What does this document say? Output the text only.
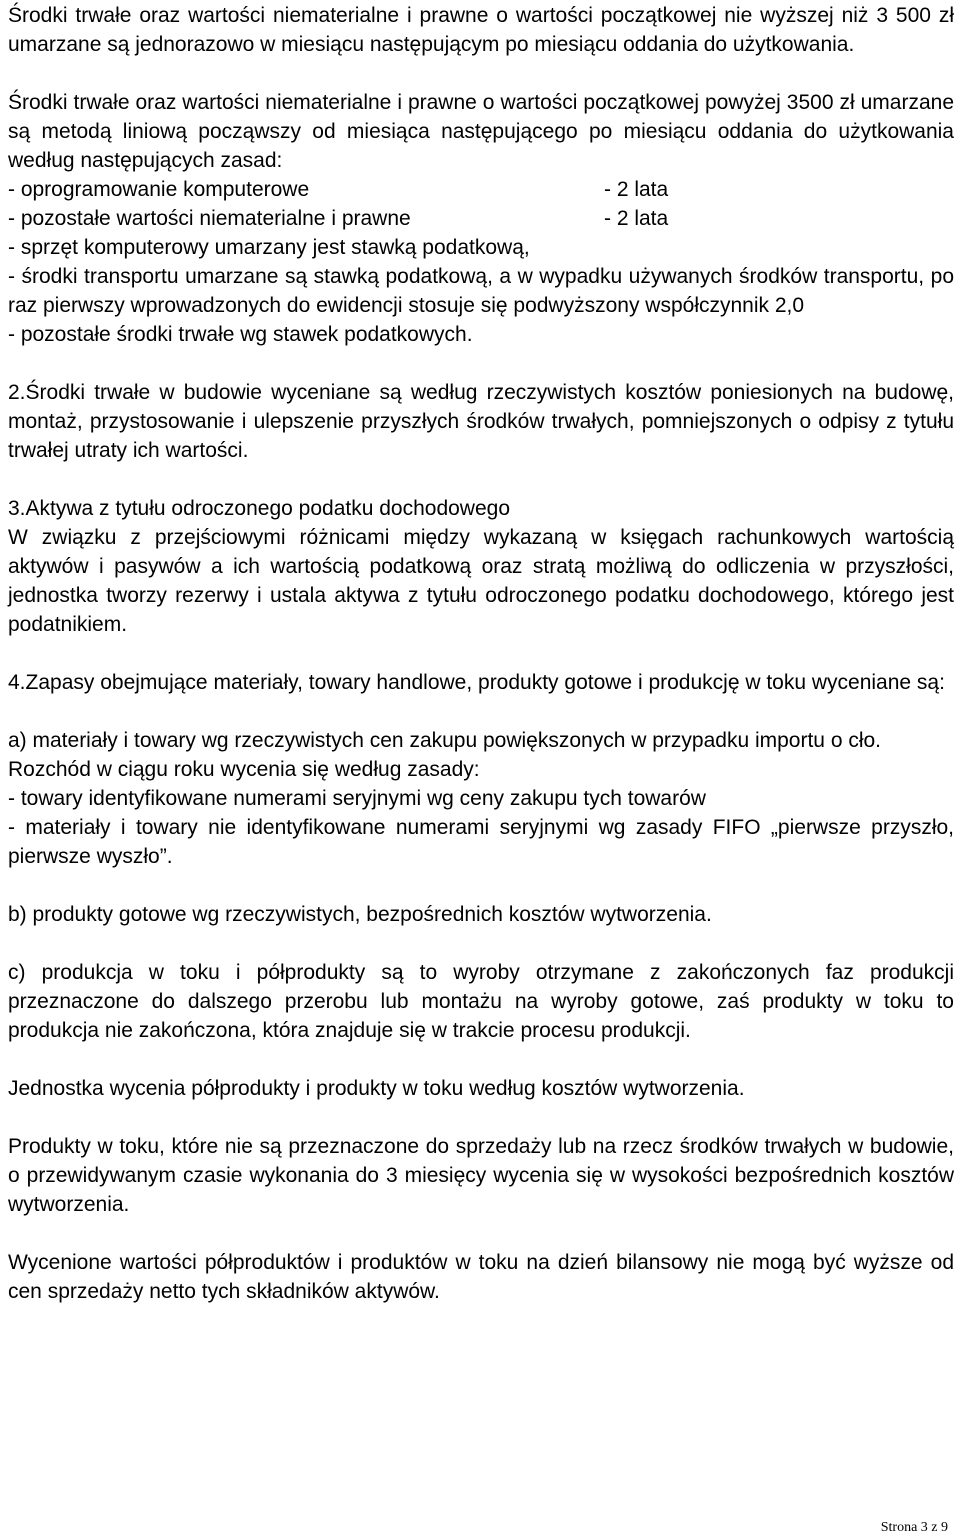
Środki trwałe oraz wartości niematerialne i prawne o wartości początkowej nie wyższej niż 3 500 zł umarzane są jednorazowo w miesiącu następującym po miesiącu oddania do użytkowania.

Środki trwałe oraz wartości niematerialne i prawne o wartości początkowej powyżej 3500 zł umarzane są metodą liniową począwszy od miesiąca następującego po miesiącu oddania do użytkowania według następujących zasad:

- oprogramowanie komputerowe	- 2 lata
- pozostałe wartości niematerialne i prawne	- 2 lata

- sprzęt komputerowy umarzany jest stawką podatkową,

- środki transportu umarzane są stawką podatkową, a w wypadku używanych środków transportu, po raz pierwszy wprowadzonych do ewidencji stosuje się podwyższony współczynnik 2,0

- pozostałe środki trwałe wg stawek podatkowych.

2.Środki trwałe w budowie wyceniane są według rzeczywistych kosztów poniesionych na budowę, montaż, przystosowanie i ulepszenie przyszłych środków trwałych, pomniejszonych o odpisy z tytułu trwałej utraty ich wartości.

3.Aktywa z tytułu odroczonego podatku dochodowego

W związku z przejściowymi różnicami między wykazaną w księgach rachunkowych wartością aktywów i pasywów a ich wartością podatkową oraz stratą możliwą do odliczenia w przyszłości, jednostka tworzy rezerwy i ustala aktywa z tytułu odroczonego podatku dochodowego, którego jest podatnikiem.

4.Zapasy obejmujące materiały, towary handlowe, produkty gotowe i produkcję w toku wyceniane są:

a) materiały i towary wg rzeczywistych cen zakupu powiększonych w przypadku importu o cło.

Rozchód w ciągu roku wycenia się według zasady:

- towary identyfikowane numerami seryjnymi wg ceny zakupu tych towarów

- materiały i towary nie identyfikowane numerami seryjnymi wg zasady FIFO „pierwsze przyszło, pierwsze wyszło”.

b) produkty gotowe wg rzeczywistych, bezpośrednich kosztów wytworzenia.

c) produkcja w toku i półprodukty są to wyroby otrzymane z zakończonych faz produkcji przeznaczone do dalszego przerobu lub montażu na wyroby gotowe, zaś produkty w toku to produkcja nie zakończona, która znajduje się w trakcie procesu produkcji.

Jednostka wycenia półprodukty i produkty w toku według kosztów wytworzenia.

Produkty w toku, które nie są przeznaczone do sprzedaży lub na rzecz środków trwałych w budowie, o przewidywanym czasie wykonania do 3 miesięcy wycenia się w wysokości bezpośrednich kosztów wytworzenia.

Wycenione wartości półproduktów i produktów w toku na dzień bilansowy nie mogą być wyższe od cen sprzedaży netto tych składników aktywów.

Strona 3 z 9
